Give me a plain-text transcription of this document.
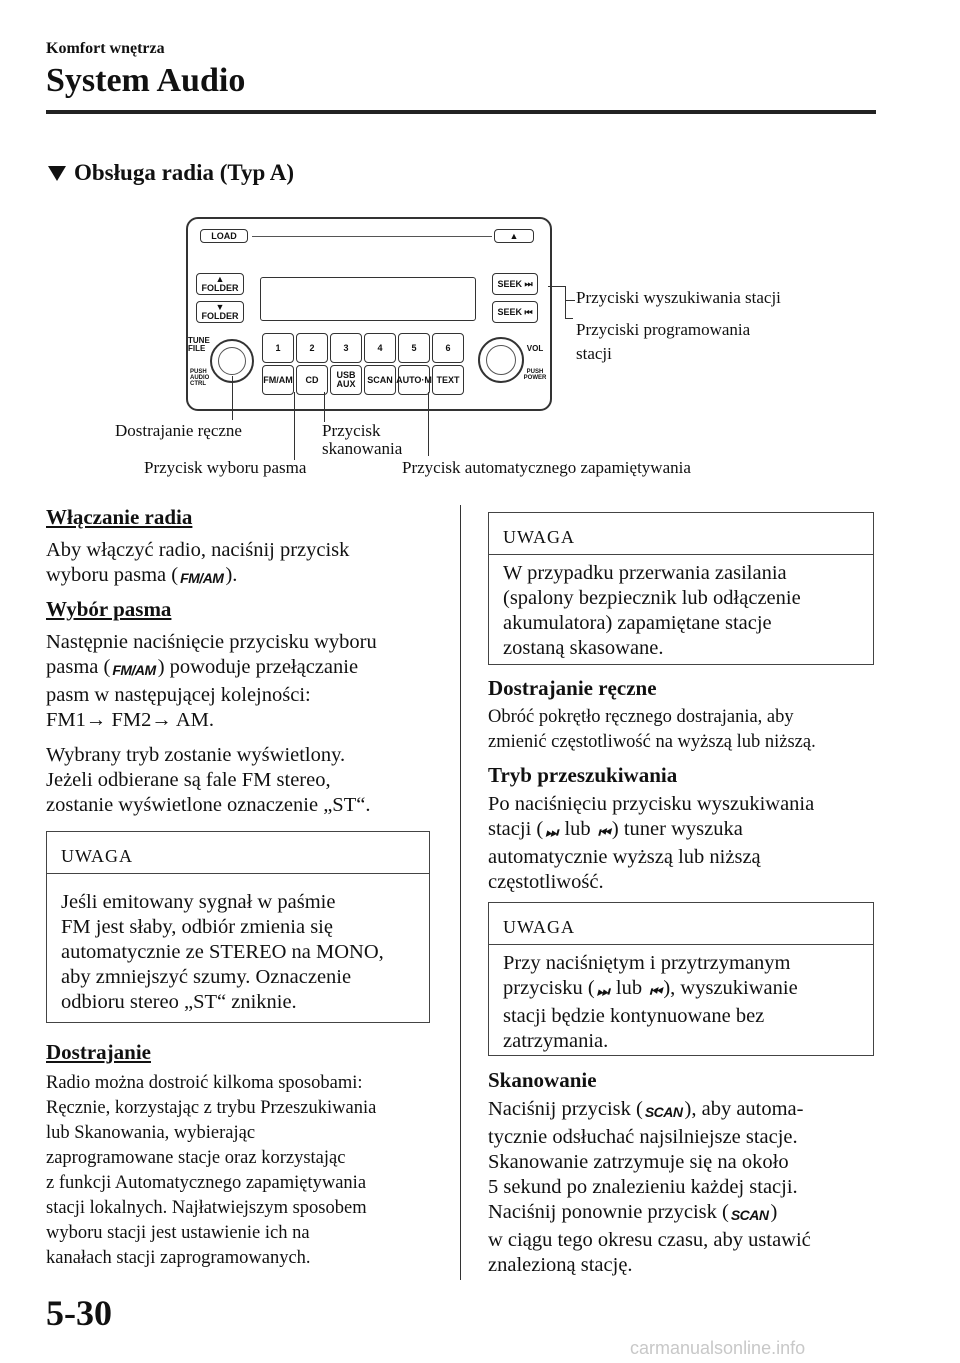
Komfort wnętrza
System Audio
Obsługa radia (Typ A)
LOAD	▲
▲ FOLDER
▼ FOLDER
SEEK ⏭
SEEK ⏮
TUNE FILE
PUSH AUDIO CTRL
VOL
PUSH POWER
1	2	3	4	5	6
FM/AM	CD	USB AUX	SCAN AUTO·M TEXT
Przyciski wyszukiwania stacji
Przyciski programowania
stacji
Dostrajanie ręczne	Przycisk
skanowania
Przycisk wyboru pasma	Przycisk automatycznego zapamiętywania
Włączanie radia
Aby włączyć radio, naciśnij przycisk
wyboru pasma ( FM/AM).
Wybór pasma
Następnie naciśnięcie przycisku wyboru
pasma ( FM/AM) powoduje przełączanie
pasm w następującej kolejności:
FM1→ FM2→ AM.
Wybrany tryb zostanie wyświetlony.
Jeżeli odbierane są fale FM stereo,
zostanie wyświetlone oznaczenie „ST“.
UWAGA
Jeśli emitowany sygnał w paśmie
FM jest słaby, odbiór zmienia się
automatycznie ze STEREO na MONO,
aby zmniejszyć szumy. Oznaczenie
odbioru stereo „ST“ zniknie.
Dostrajanie
Radio można dostroić kilkoma sposobami:
Ręcznie, korzystając z trybu Przeszukiwania
lub Skanowania, wybierając
zaprogramowane stacje oraz korzystając
z funkcji Automatycznego zapamiętywania
stacji lokalnych. Najłatwiejszym sposobem
wyboru stacji jest ustawienie ich na
kanałach stacji zaprogramowanych.
UWAGA
W przypadku przerwania zasilania
(spalony bezpiecznik lub odłączenie
akumulatora) zapamiętane stacje
zostaną skasowane.
Dostrajanie ręczne
Obróć pokrętło ręcznego dostrajania, aby
zmienić częstotliwość na wyższą lub niższą.
Tryb przeszukiwania
Po naciśnięciu przycisku wyszukiwania
stacji ( ⏭ lub ⏮) tuner wyszuka
automatycznie wyższą lub niższą
częstotliwość.
UWAGA
Przy naciśniętym i przytrzymanym
przycisku ( ⏭ lub ⏮), wyszukiwanie
stacji będzie kontynuowane bez
zatrzymania.
Skanowanie
Naciśnij przycisk ( SCAN), aby automa-
tycznie odsłuchać najsilniejsze stacje.
Skanowanie zatrzymuje się na około
5 sekund po znalezieniu każdej stacji.
Naciśnij ponownie przycisk ( SCAN)
w ciągu tego okresu czasu, aby ustawić
znalezioną stację.
5-30
carmanualsonline.info
